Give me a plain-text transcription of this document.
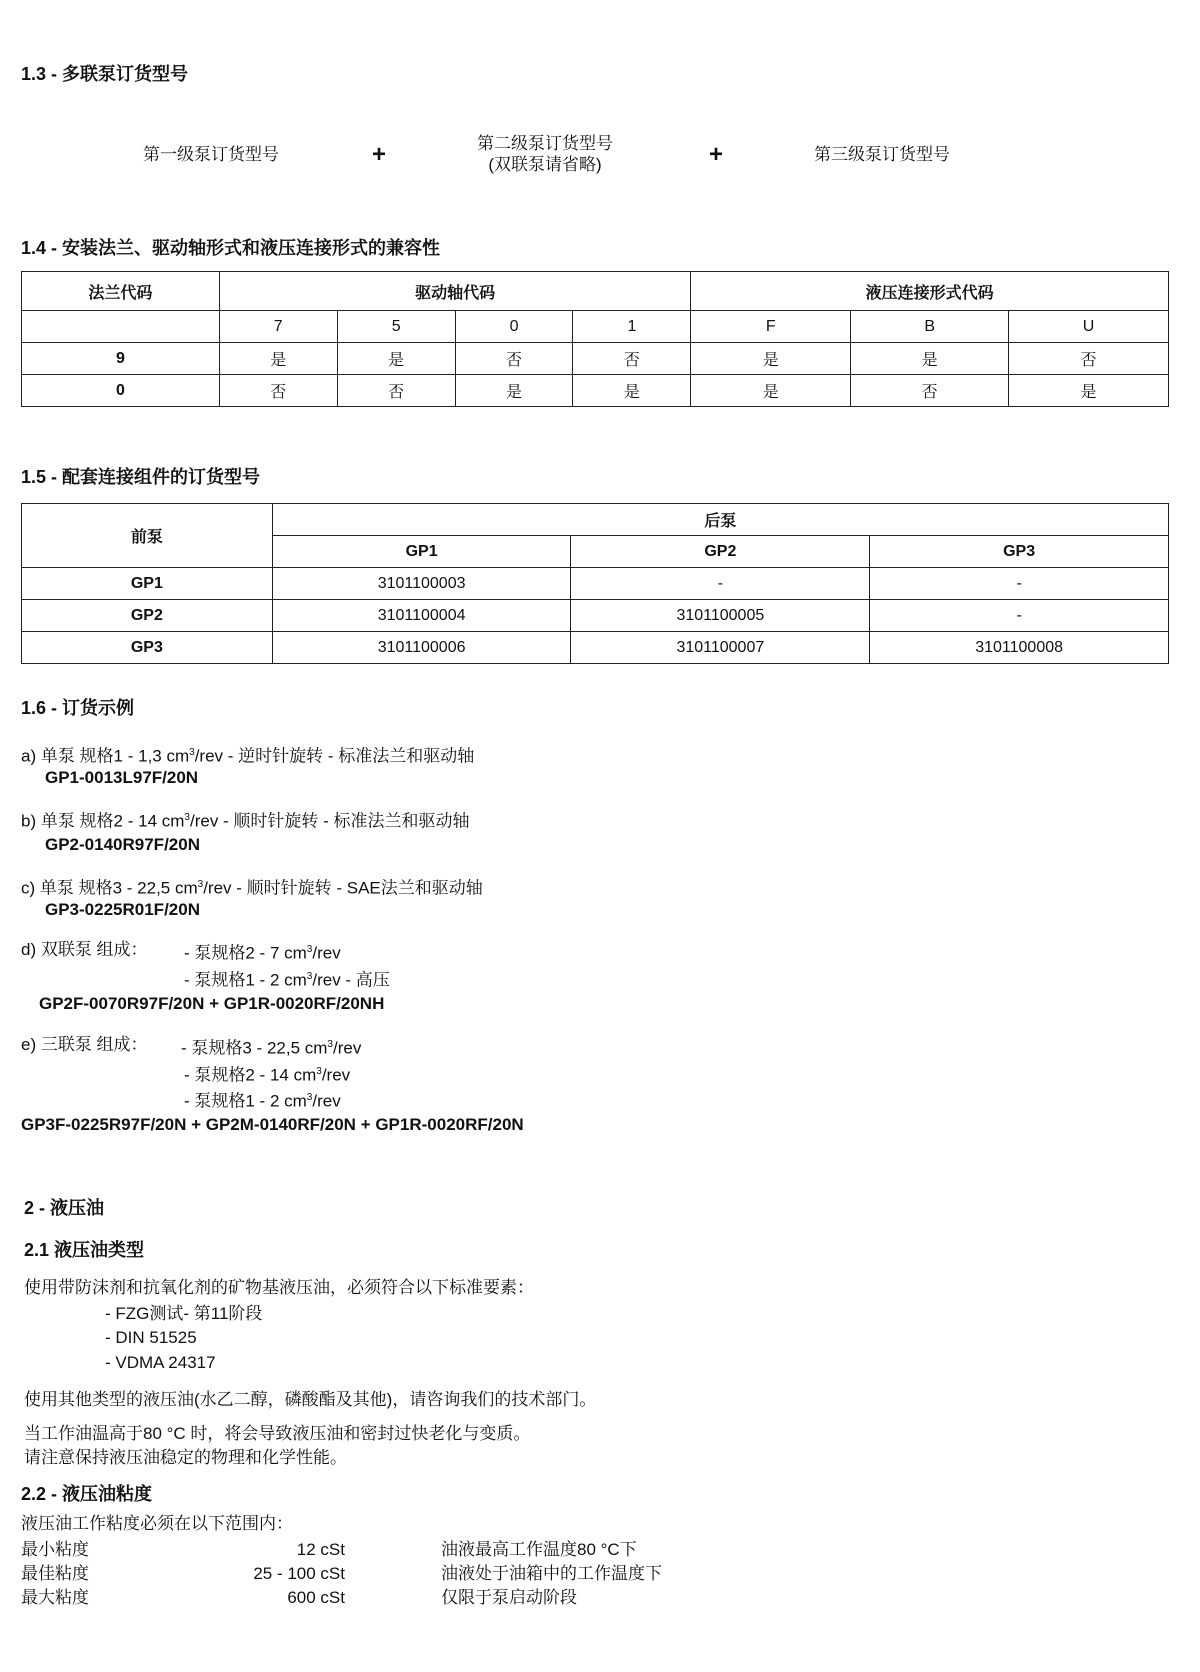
1.3 - 多联泵订货型号
第一级泵订货型号	+	第二级泵订货型号
(双联泵请省略)	+	第三级泵订货型号
1.4 - 安装法兰、驱动轴形式和液压连接形式的兼容性
法兰代码	驱动轴代码				液压连接形式代码		
	7	5	0	1	F	B	U
9	是	是	否	否	是	是	否
0	否	否	是	是	是	否	是
1.5 - 配套连接组件的订货型号
前泵	后泵		
	GP1	GP2	GP3
GP1	3101100003	-	-
GP2	3101100004	3101100005	-
GP3	3101100006	3101100007	3101100008
1.6 - 订货示例
a) 单泵 规格1 - 1,3 $cm^3$/rev - 逆时针旋转 - 标准法兰和驱动轴
GP1-0013L97F/20N
b) 单泵 规格2 - 14 $cm^3$/rev - 顺时针旋转 - 标准法兰和驱动轴
GP2-0140R97F/20N
c) 单泵 规格3 - 22,5 $cm^3$/rev - 顺时针旋转 - SAE法兰和驱动轴
GP3-0225R01F/20N
d) 双联泵 组成： - 泵规格2 - 7 $cm^3$/rev
- 泵规格1 - 2 $cm^3$/rev - 高压
GP2F-0070R97F/20N + GP1R-0020RF/20NH
e) 三联泵 组成： - 泵规格3 - 22,5 $cm^3$/rev
- 泵规格2 - 14 $cm^3$/rev
- 泵规格1 - 2 $cm^3$/rev
GP3F-0225R97F/20N + GP2M-0140RF/20N + GP1R-0020RF/20N
2 - 液压油
2.1 液压油类型
使用带防沫剂和抗氧化剂的矿物基液压油，必须符合以下标准要素：
- FZG测试- 第11阶段
- DIN 51525
- VDMA 24317
使用其他类型的液压油(水乙二醇，磷酸酯及其他)，请咨询我们的技术部门。
当工作油温高于80 °C 时，将会导致液压油和密封过快老化与变质。
请注意保持液压油稳定的物理和化学性能。
2.2 - 液压油粘度
液压油工作粘度必须在以下范围内：
最小粘度	12 cSt	油液最高工作温度80 °C下
最佳粘度	25 - 100 cSt	油液处于油箱中的工作温度下
最大粘度	600 cSt	仅限于泵启动阶段
